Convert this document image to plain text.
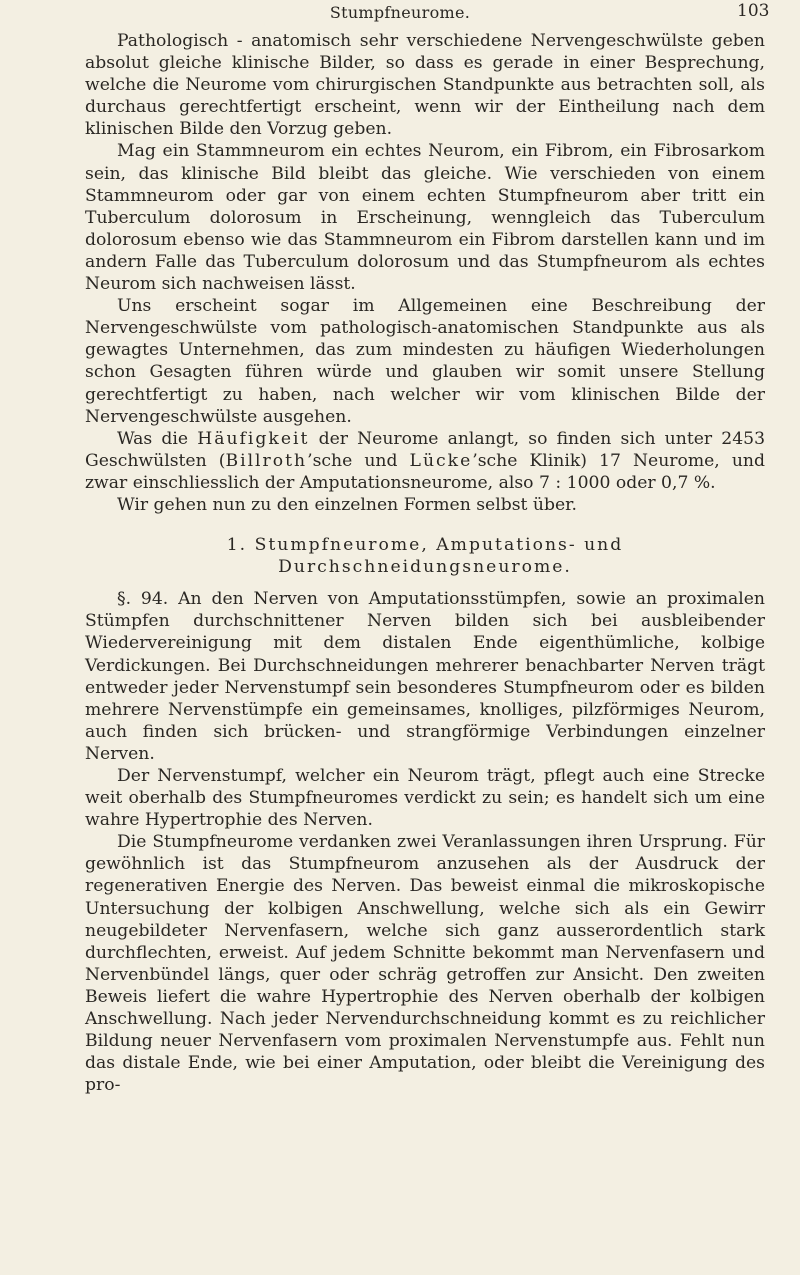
Stumpfneurome.	103

Pathologisch - anatomisch sehr verschiedene Nervengeschwülste geben absolut gleiche klinische Bilder, so dass es gerade in einer Besprechung, welche die Neurome vom chirurgischen Standpunkte aus betrachten soll, als durchaus gerechtfertigt erscheint, wenn wir der Eintheilung nach dem klinischen Bilde den Vorzug geben.

Mag ein Stammneurom ein echtes Neurom, ein Fibrom, ein Fibrosarkom sein, das klinische Bild bleibt das gleiche. Wie verschieden von einem Stammneurom oder gar von einem echten Stumpfneurom aber tritt ein Tuberculum dolorosum in Erscheinung, wenngleich das Tuberculum dolorosum ebenso wie das Stammneurom ein Fibrom darstellen kann und im andern Falle das Tuberculum dolorosum und das Stumpfneurom als echtes Neurom sich nachweisen lässt.

Uns erscheint sogar im Allgemeinen eine Beschreibung der Nervengeschwülste vom pathologisch-anatomischen Standpunkte aus als gewagtes Unternehmen, das zum mindesten zu häufigen Wiederholungen schon Gesagten führen würde und glauben wir somit unsere Stellung gerechtfertigt zu haben, nach welcher wir vom klinischen Bilde der Nervengeschwülste ausgehen.

Was die Häufigkeit der Neurome anlangt, so finden sich unter 2453 Geschwülsten (Billroth’sche und Lücke’sche Klinik) 17 Neurome, und zwar einschliesslich der Amputationsneurome, also 7 : 1000 oder 0,7 %.

Wir gehen nun zu den einzelnen Formen selbst über.

1. Stumpfneurome, Amputations- und Durchschneidungsneurome.

§. 94. An den Nerven von Amputationsstümpfen, sowie an proximalen Stümpfen durchschnittener Nerven bilden sich bei ausbleibender Wiedervereinigung mit dem distalen Ende eigenthümliche, kolbige Verdickungen. Bei Durchschneidungen mehrerer benachbarter Nerven trägt entweder jeder Nervenstumpf sein besonderes Stumpfneurom oder es bilden mehrere Nervenstümpfe ein gemeinsames, knolliges, pilzförmiges Neurom, auch finden sich brücken- und strangförmige Verbindungen einzelner Nerven.

Der Nervenstumpf, welcher ein Neurom trägt, pflegt auch eine Strecke weit oberhalb des Stumpfneuromes verdickt zu sein; es handelt sich um eine wahre Hypertrophie des Nerven.

Die Stumpfneurome verdanken zwei Veranlassungen ihren Ursprung. Für gewöhnlich ist das Stumpfneurom anzusehen als der Ausdruck der regenerativen Energie des Nerven. Das beweist einmal die mikroskopische Untersuchung der kolbigen Anschwellung, welche sich als ein Gewirr neugebildeter Nervenfasern, welche sich ganz ausserordentlich stark durchflechten, erweist. Auf jedem Schnitte bekommt man Nervenfasern und Nervenbündel längs, quer oder schräg getroffen zur Ansicht. Den zweiten Beweis liefert die wahre Hypertrophie des Nerven oberhalb der kolbigen Anschwellung. Nach jeder Nervendurchschneidung kommt es zu reichlicher Bildung neuer Nervenfasern vom proximalen Nervenstumpfe aus. Fehlt nun das distale Ende, wie bei einer Amputation, oder bleibt die Vereinigung des pro-
